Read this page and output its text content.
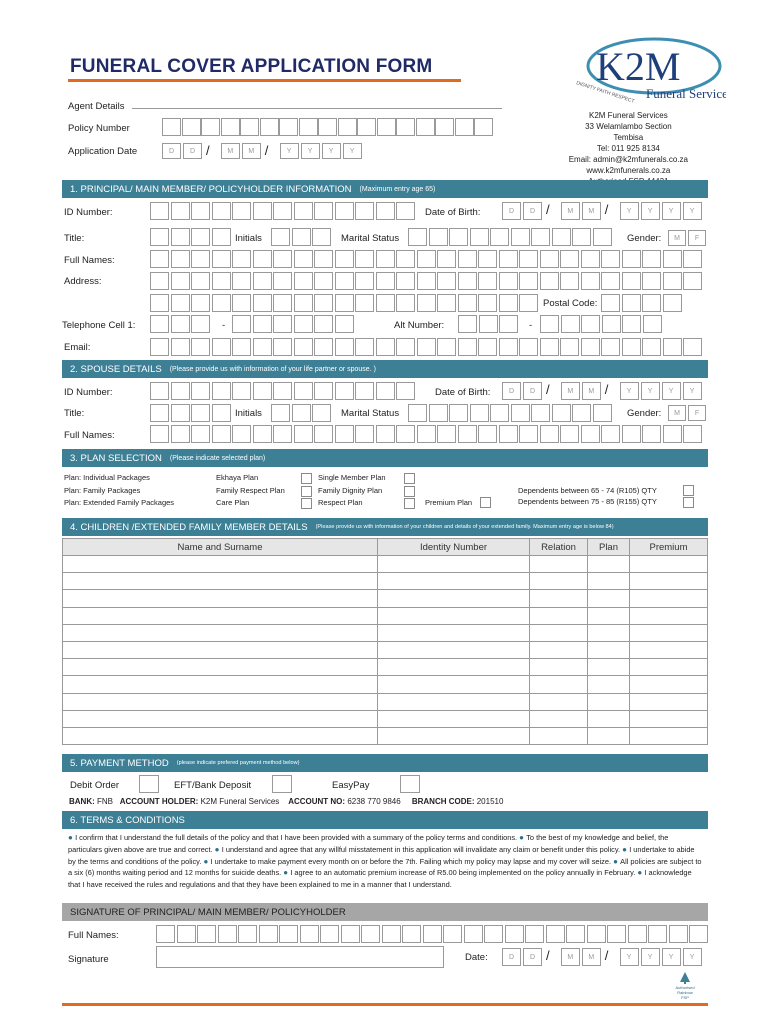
FUNERAL COVER APPLICATION FORM	K2M
Funeral Services
DIGNITY FAITH RESPECT
Agent Details
Policy Number
Application Date
K2M Funeral Services
33 Welamlambo Section
Tembisa
Tel: 011 925 8134
Email: admin@k2mfunerals.co.za
www.k2mfunerals.co.za
1. PRINCIPAL/ MAIN MEMBER/ POLICYHOLDER INFORMATION (Maximum entry age 65)
ID Number:	Date of Birth:
Title:	Initials	Marital Status	Gender:
Full Names:
Address:
Postal Code:
Telephone Cell 1:	-	Alt Number:	-
Email:
2. SPOUSE DETAILS (Please provide us with information of your life partner or spouse. )
ID Number:	Date of Birth:
Title:	Initials	Marital Status	Gender:
Full Names:
3. PLAN SELECTION (Please indicate selected plan)
4. CHILDREN /EXTENDED FAMILY MEMBER DETAILS (Please provide us with information of your children and details of your extended family. Maximum entry age is below 84)
Name and Surname	Identity Number	Relation	Plan	Premium

5. PAYMENT METHOD (please indicate prefered payment method below)
Debit Order	EFT/Bank Deposit	EasyPay
BANK: FNB ACCOUNT HOLDER: K2M Funeral Services ACCOUNT NO: 6238 770 9846 BRANCH CODE: 201510
6. TERMS & CONDITIONS
● I confirm that I understand the full details of the policy and that I have been provided with a summary of the policy terms and conditions. ● To the best of my knowledge and belief, the particulars given above are true and correct. ● I understand and agree that any willful misstatement in this application will invalidate any claim or benefit under this policy. ● I undertake to abide by the terms and conditions of the policy. ● I undertake to make payment every month on or before the 7th. Failing which my policy may lapse and my cover will seize. ● All policies are subject to a six (6) months waiting period and 12 months for suicide deaths. ● I agree to an automatic premium increase of R5.00 being implemented on the policy annually in February. ● I acknowledge that I have received the rules and regulations and that they have been explained to me in a manner that I understand.
SIGNATURE OF PRINCIPAL/ MAIN MEMBER/ POLICYHOLDER
Full Names:
Signature	Date:
Authorised
Rainbow
FSP
D	D /	M	M /	Y	Y	Y	Y
D	D /	M	M /	Y	Y	Y	Y
M	F
D	D /	M	M /	Y	Y	Y	Y
M	F
Plan: Individual Packages	Ekhaya Plan	Single Member Plan
Plan: Family Packages	Family Respect Plan	Family Dignity Plan
Plan: Extended Family Packages	Care Plan	Respect Plan	Premium Plan
Dependents between 65 - 74 (R105) QTY
Dependents between 75 - 85 (R155) QTY
D	D /	M	M /	Y	Y	Y	Y
